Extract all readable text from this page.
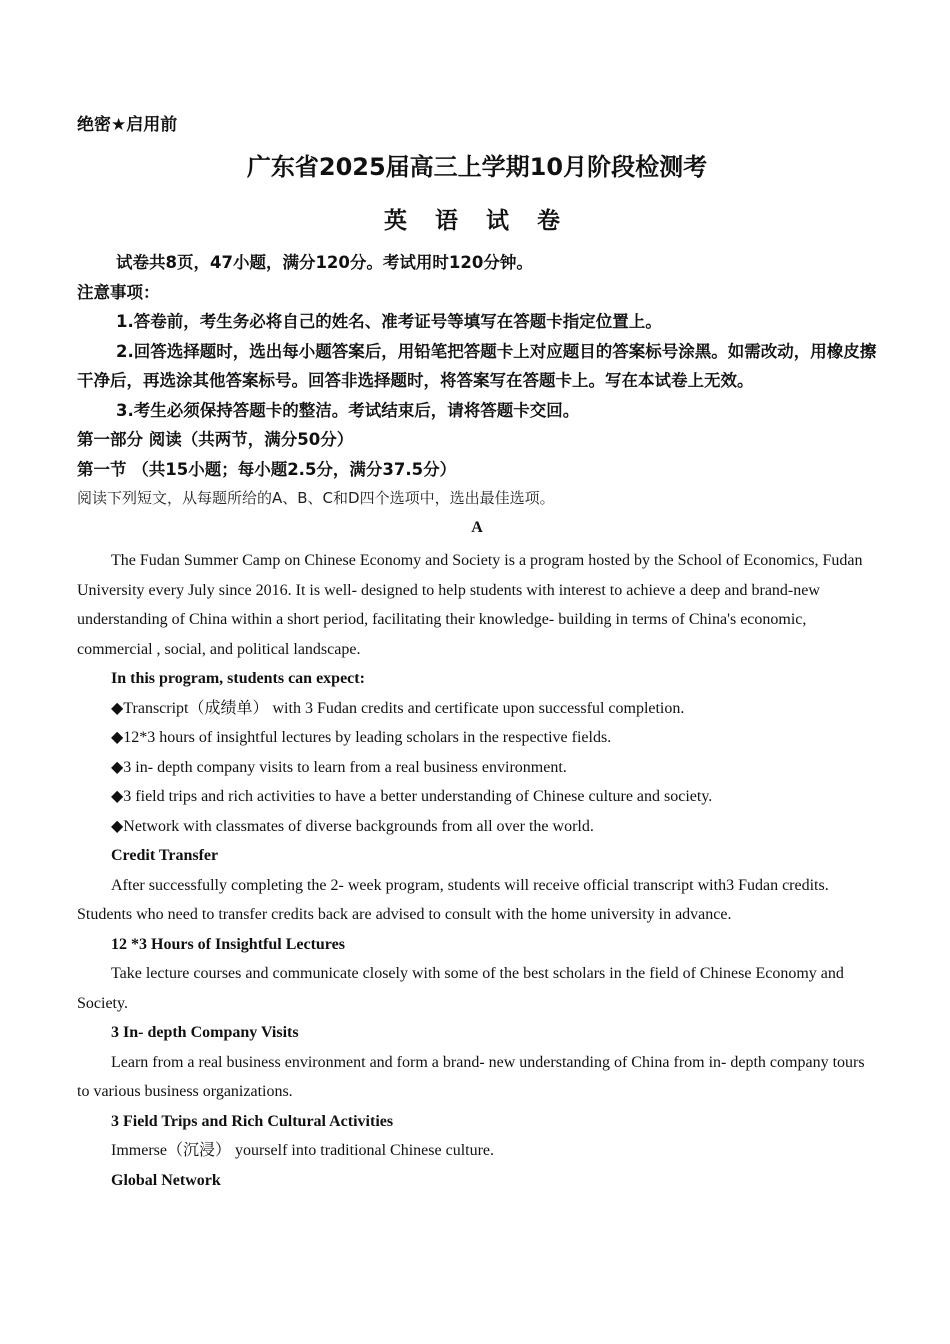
绝密★启用前
广东省2025届高三上学期10月阶段检测考
英 语 试 卷
试卷共8页，47小题，满分120分。考试用时120分钟。
注意事项：
1.答卷前，考生务必将自己的姓名、准考证号等填写在答题卡指定位置上。
2.回答选择题时，选出每小题答案后，用铅笔把答题卡上对应题目的答案标号涂黑。如需改动，用橡皮擦干净后，再选涂其他答案标号。回答非选择题时，将答案写在答题卡上。写在本试卷上无效。
3.考生必须保持答题卡的整洁。考试结束后，请将答题卡交回。
第一部分 阅读（共两节，满分50分）
第一节 （共15小题；每小题2.5分，满分37.5分）
阅读下列短文，从每题所给的A、B、C和D四个选项中，选出最佳选项。
A
The Fudan Summer Camp on Chinese Economy and Society is a program hosted by the School of Economics, Fudan University every July since 2016. It is well- designed to help students with interest to achieve a deep and brand-new understanding of China within a short period, facilitating their knowledge- building in terms of China's economic, commercial , social, and political landscape.
In this program, students can expect:
◆Transcript（成绩单） with 3 Fudan credits and certificate upon successful completion.
◆12*3 hours of insightful lectures by leading scholars in the respective fields.
◆3 in- depth company visits to learn from a real business environment.
◆3 field trips and rich activities to have a better understanding of Chinese culture and society.
◆Network with classmates of diverse backgrounds from all over the world.
Credit Transfer
After successfully completing the 2- week program, students will receive official transcript with3 Fudan credits. Students who need to transfer credits back are advised to consult with the home university in advance.
12 *3 Hours of Insightful Lectures
Take lecture courses and communicate closely with some of the best scholars in the field of Chinese Economy and Society.
3 In- depth Company Visits
Learn from a real business environment and form a brand- new understanding of China from in- depth company tours to various business organizations.
3 Field Trips and Rich Cultural Activities
Immerse（沉浸） yourself into traditional Chinese culture.
Global Network
